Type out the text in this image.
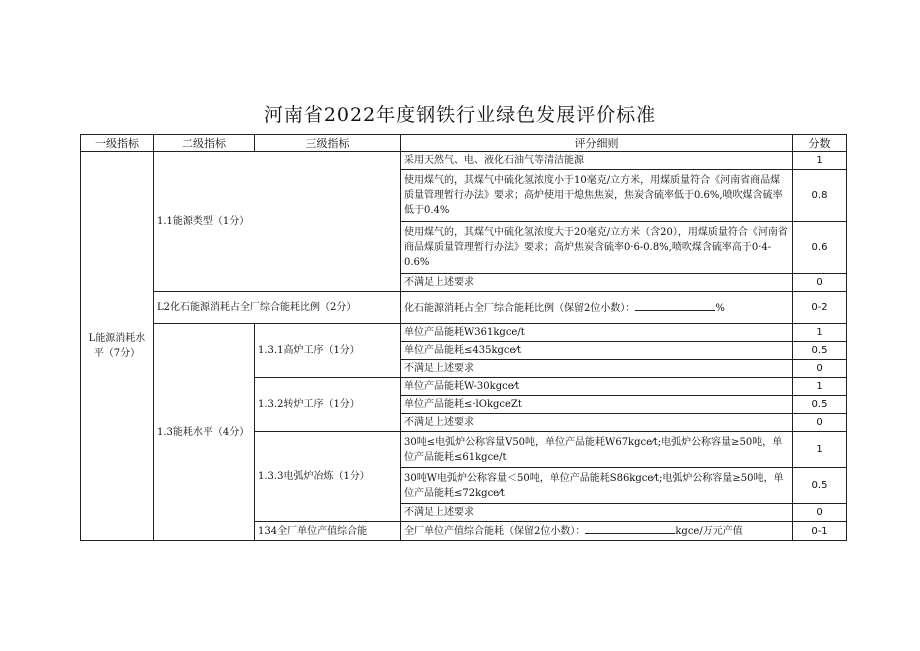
河南省2022年度钢铁行业绿色发展评价标准
一级指标	二级指标	三级指标	评分细则	分数
L能源消耗水平（7分）	1.1能源类型（1分）		采用天然气、电、液化石油气等清洁能源	1
			使用煤气的，其煤气中硫化氢浓度小于10毫克/立方米，用煤质量符合《河南省商品煤质量管理暂行办法》要求；高炉使用干熄焦焦炭，焦炭含硫率低于0.6%,喷吹煤含硫率低于0.4%	0.8
			使用煤气的，其煤气中硫化氢浓度大于20毫克/立方米（含20），用煤质量符合《河南省商品煤质量管理暂行办法》要求；高炉焦炭含硫率0·6-0.8%,喷吹煤含硫率高于0·4-0.6%	0.6
			不满足上述要求	0
	L2化石能源消耗占全厂综合能耗比例（2分）		化石能源消耗占全厂综合能耗比例（保留2位小数）： %	0-2
	1.3能耗水平（4分）	1.3.1高炉工序（1分）	单位产品能耗W361kgce/t	1
			单位产品能耗≤435kgce⁄t	0.5
			不满足上述要求	0
		1.3.2转炉工序（1分）	单位产品能耗W-30kgce⁄t	1
			单位产品能耗≤·lOkgceZt	0.5
			不满足上述要求	0
		1.3.3电弧炉冶炼（1分）	30吨≤电弧炉公称容量V50吨，单位产品能耗W67kgce⁄t;电弧炉公称容量≥50吨，单位产品能耗≤61kgce/t	1
			30吨W电弧炉公称容量＜50吨，单位产品能耗S86kgce⁄t;电弧炉公称容量≥50吨，单位产品能耗≤72kgce⁄t	0.5
			不满足上述要求	0
		134全厂单位产值综合能	全厂单位产值综合能耗（保留2位小数）： kgce/万元产值	0-1
